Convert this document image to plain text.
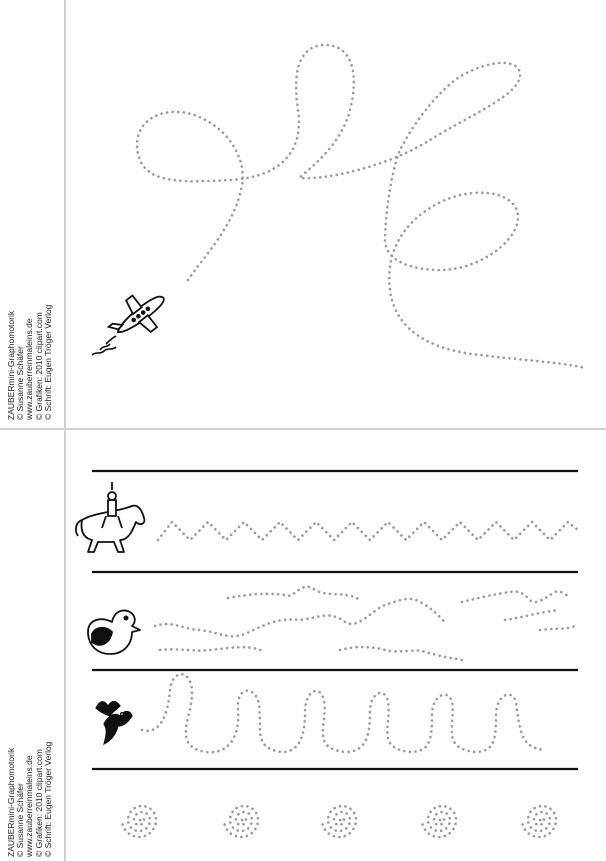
ZAUBERmini-Graphomotorik © Susanne Schäfer www.zauberreinmaleins.de © Grafiken: 2010 clipart.com © Schrift: Eugen Tröger Verlog
ZAUBERmini-Graphomotorik © Susanne Schäfer www.zauberreinmaleins.de © Grafiken: 2010 clipart.com © Schrift: Eugen Tröger Verlog
